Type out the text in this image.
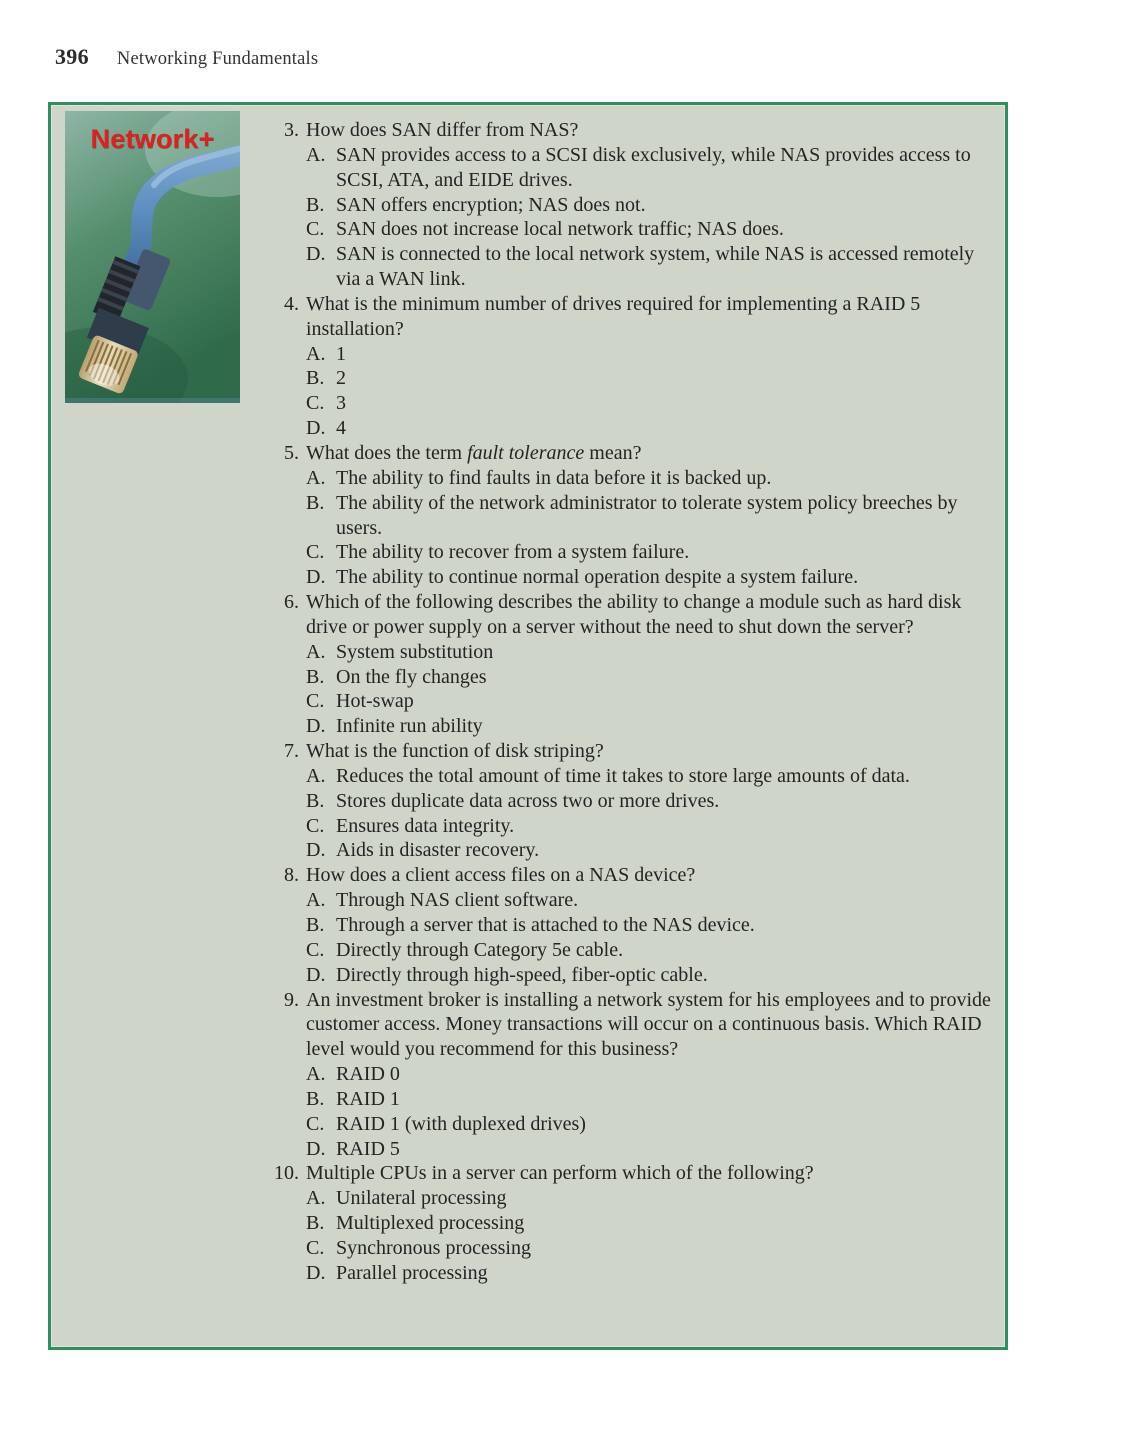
396 Networking Fundamentals
Network+	3. How does SAN differ from NAS?
A. SAN provides access to a SCSI disk exclusively, while NAS provides access to SCSI, ATA, and EIDE drives.
B. SAN offers encryption; NAS does not.
C. SAN does not increase local network traffic; NAS does.
D. SAN is connected to the local network system, while NAS is accessed remotely via a WAN link.
4. What is the minimum number of drives required for implementing a RAID 5 installation?
A. 1
B. 2
C. 3
D. 4
5. What does the term fault tolerance mean?
A. The ability to find faults in data before it is backed up.
B. The ability of the network administrator to tolerate system policy breeches by users.
C. The ability to recover from a system failure.
D. The ability to continue normal operation despite a system failure.
6. Which of the following describes the ability to change a module such as hard disk drive or power supply on a server without the need to shut down the server?
A. System substitution
B. On the fly changes
C. Hot-swap
D. Infinite run ability
7. What is the function of disk striping?
A. Reduces the total amount of time it takes to store large amounts of data.
B. Stores duplicate data across two or more drives.
C. Ensures data integrity.
D. Aids in disaster recovery.
8. How does a client access files on a NAS device?
A. Through NAS client software.
B. Through a server that is attached to the NAS device.
C. Directly through Category 5e cable.
D. Directly through high-speed, fiber-optic cable.
9. An investment broker is installing a network system for his employees and to provide customer access. Money transactions will occur on a continuous basis. Which RAID level would you recommend for this business?
A. RAID 0
B. RAID 1
C. RAID 1 (with duplexed drives)
D. RAID 5
10. Multiple CPUs in a server can perform which of the following?
A. Unilateral processing
B. Multiplexed processing
C. Synchronous processing
D. Parallel processing
